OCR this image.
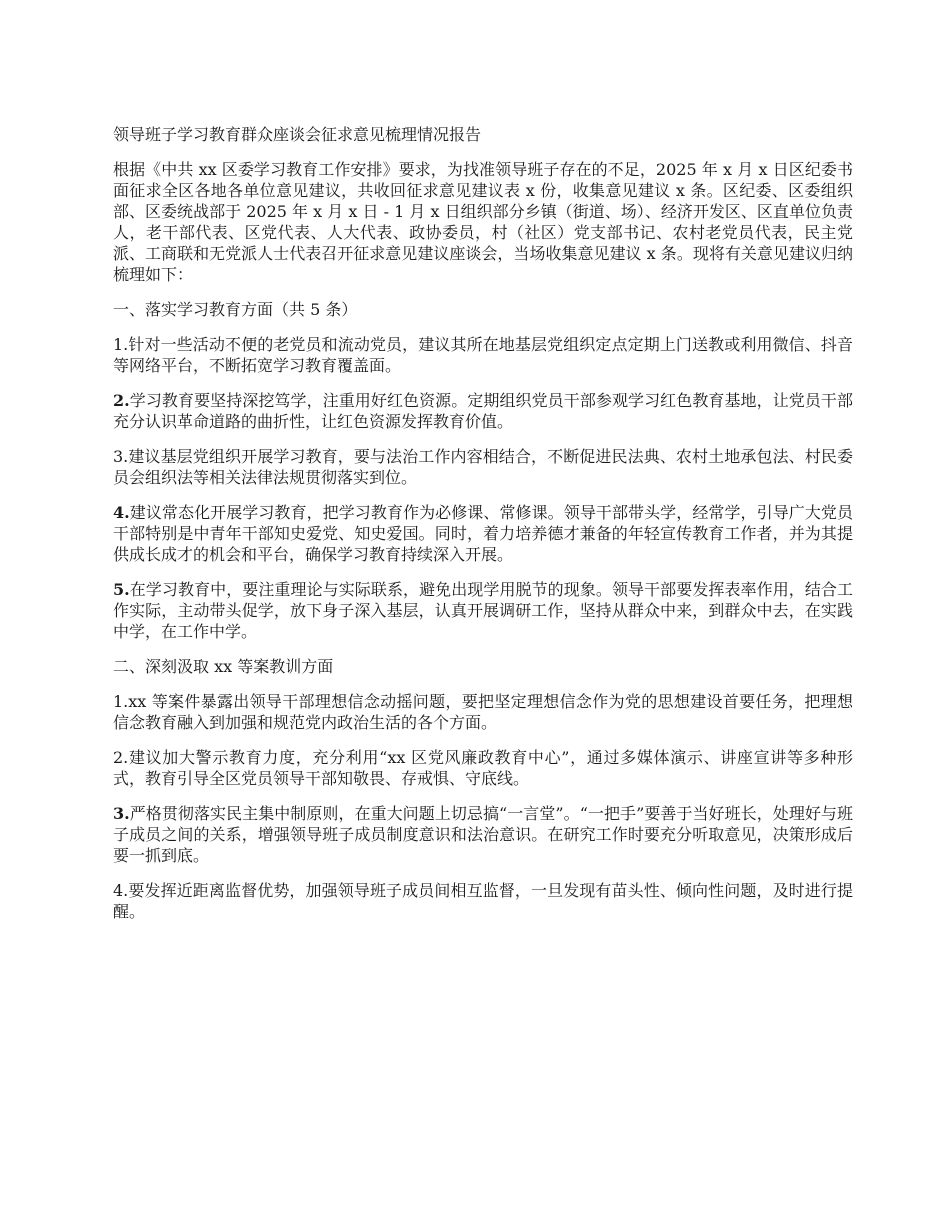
领导班子学习教育群众座谈会征求意见梳理情况报告

根据《中共 xx 区委学习教育工作安排》要求，为找准领导班子存在的不足，2025 年 x 月 x 日区纪委书面征求全区各地各单位意见建议，共收回征求意见建议表 x 份，收集意见建议 x 条。区纪委、区委组织部、区委统战部于 2025 年 x 月 x 日 - 1 月 x 日组织部分乡镇（街道、场）、经济开发区、区直单位负责人，老干部代表、区党代表、人大代表、政协委员，村（社区）党支部书记、农村老党员代表，民主党派、工商联和无党派人士代表召开征求意见建议座谈会，当场收集意见建议 x 条。现将有关意见建议归纳梳理如下：

一、落实学习教育方面（共 5 条）

1.针对一些活动不便的老党员和流动党员，建议其所在地基层党组织定点定期上门送教或利用微信、抖音等网络平台，不断拓宽学习教育覆盖面。

2.学习教育要坚持深挖笃学，注重用好红色资源。定期组织党员干部参观学习红色教育基地，让党员干部充分认识革命道路的曲折性，让红色资源发挥教育价值。

3.建议基层党组织开展学习教育，要与法治工作内容相结合，不断促进民法典、农村土地承包法、村民委员会组织法等相关法律法规贯彻落实到位。

4.建议常态化开展学习教育，把学习教育作为必修课、常修课。领导干部带头学，经常学，引导广大党员干部特别是中青年干部知史爱党、知史爱国。同时，着力培养德才兼备的年轻宣传教育工作者，并为其提供成长成才的机会和平台，确保学习教育持续深入开展。

5.在学习教育中，要注重理论与实际联系，避免出现学用脱节的现象。领导干部要发挥表率作用，结合工作实际，主动带头促学，放下身子深入基层，认真开展调研工作，坚持从群众中来，到群众中去，在实践中学，在工作中学。

二、深刻汲取 xx 等案教训方面

1.xx 等案件暴露出领导干部理想信念动摇问题，要把坚定理想信念作为党的思想建设首要任务，把理想信念教育融入到加强和规范党内政治生活的各个方面。

2.建议加大警示教育力度，充分利用“xx 区党风廉政教育中心”，通过多媒体演示、讲座宣讲等多种形式，教育引导全区党员领导干部知敬畏、存戒惧、守底线。

3.严格贯彻落实民主集中制原则，在重大问题上切忌搞“一言堂”。“一把手”要善于当好班长，处理好与班子成员之间的关系，增强领导班子成员制度意识和法治意识。在研究工作时要充分听取意见，决策形成后要一抓到底。

4.要发挥近距离监督优势，加强领导班子成员间相互监督，一旦发现有苗头性、倾向性问题，及时进行提醒。
